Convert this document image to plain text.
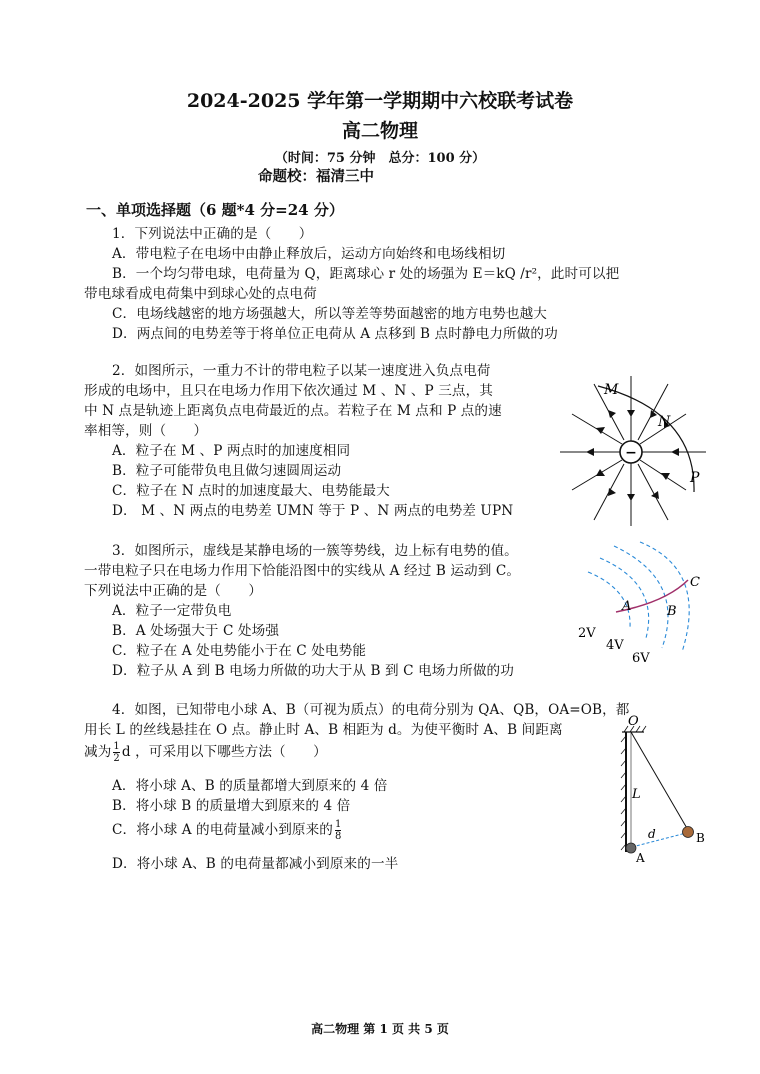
2024-2025 学年第一学期期中六校联考试卷
高二物理
（时间：75 分钟　总分：100 分）
命题校：福清三中
一、单项选择题（6 题*4 分=24 分）
1．下列说法中正确的是（　　）
A．带电粒子在电场中由静止释放后，运动方向始终和电场线相切
B．一个均匀带电球，电荷量为 Q，距离球心 r 处的场强为 E＝kQ /r²，此时可以把
带电球看成电荷集中到球心处的点电荷
C．电场线越密的地方场强越大，所以等差等势面越密的地方电势也越大
D．两点间的电势差等于将单位正电荷从 A 点移到 B 点时静电力所做的功
2．如图所示，一重力不计的带电粒子以某一速度进入负点电荷
形成的电场中，且只在电场力作用下依次通过 M 、N 、P 三点，其
中 N 点是轨迹上距离负点电荷最近的点。若粒子在 M 点和 P 点的速
率相等，则（　　）
A．粒子在 M 、P 两点时的加速度相同
B．粒子可能带负电且做匀速圆周运动
C．粒子在 N 点时的加速度最大、电势能最大
D． M 、N 两点的电势差 UMN 等于 P 、N 两点的电势差 UPN
−
M
N
P
3．如图所示，虚线是某静电场的一簇等势线，边上标有电势的值。
一带电粒子只在电场力作用下恰能沿图中的实线从 A 经过 B 运动到 C。
下列说法中正确的是（　　）
A．粒子一定带负电
B．A 处场强大于 C 处场强
C．粒子在 A 处电势能小于在 C 处电势能
D．粒子从 A 到 B 电场力所做的功大于从 B 到 C 电场力所做的功
A	B
C
2V
4V
6V
4．如图，已知带电小球 A、B（可视为质点）的电荷分别为 QA、QB，OA=OB，都
用长 L 的丝线悬挂在 O 点。静止时 A、B 相距为 d。为使平衡时 A、B 间距离
减为 $\frac{1}{2}$ d ，可采用以下哪些方法（　　）
A．将小球 A、B 的质量都增大到原来的 4 倍
B．将小球 B 的质量增大到原来的 4 倍
C．将小球 A 的电荷量减小到原来的 $\frac{1}{8}$
D．将小球 A、B 的电荷量都减小到原来的一半
O
L
d
A
B
高二物理 第 1 页 共 5 页
